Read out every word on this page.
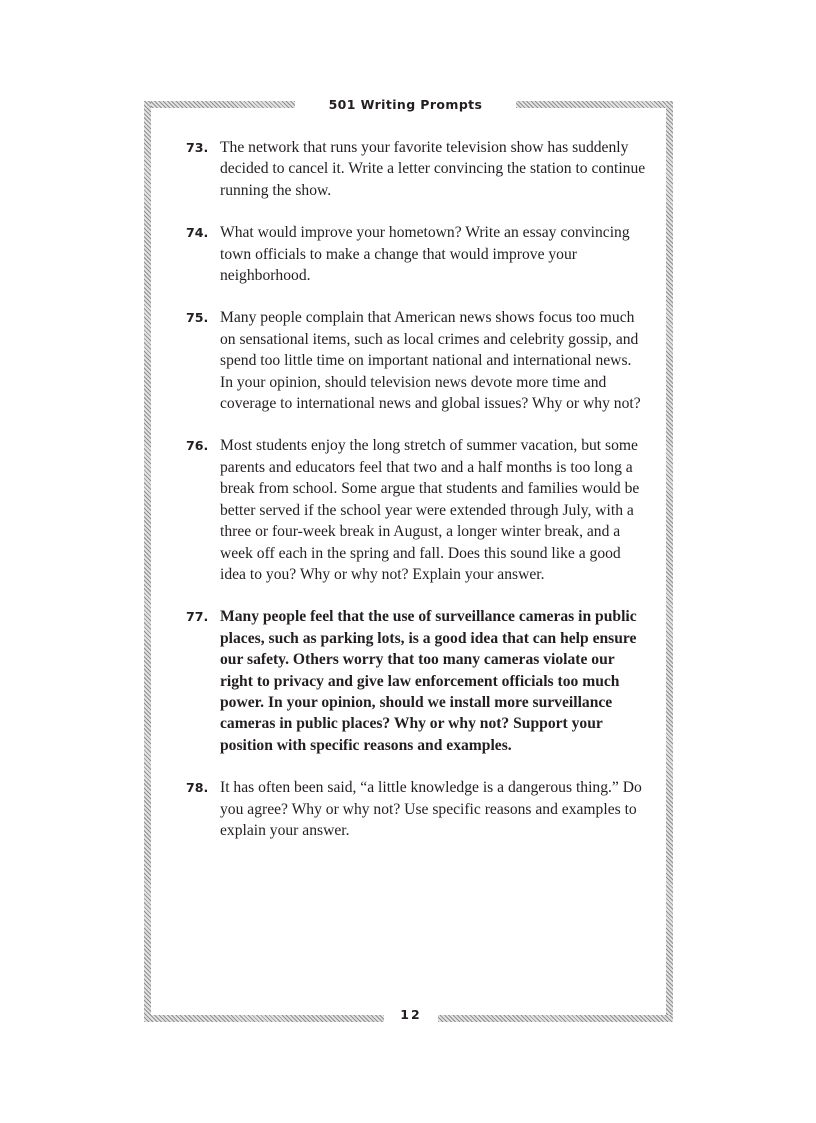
501 Writing Prompts
73. The network that runs your favorite television show has suddenly decided to cancel it. Write a letter convincing the station to continue running the show.
74. What would improve your hometown? Write an essay convincing town officials to make a change that would improve your neighborhood.
75. Many people complain that American news shows focus too much on sensational items, such as local crimes and celebrity gossip, and spend too little time on important national and international news. In your opinion, should television news devote more time and coverage to international news and global issues? Why or why not?
76. Most students enjoy the long stretch of summer vacation, but some parents and educators feel that two and a half months is too long a break from school. Some argue that students and families would be better served if the school year were extended through July, with a three or four-week break in August, a longer winter break, and a week off each in the spring and fall. Does this sound like a good idea to you? Why or why not? Explain your answer.
77. Many people feel that the use of surveillance cameras in public places, such as parking lots, is a good idea that can help ensure our safety. Others worry that too many cameras violate our right to privacy and give law enforcement officials too much power. In your opinion, should we install more surveillance cameras in public places? Why or why not? Support your position with specific reasons and examples.
78. It has often been said, “a little knowledge is a dangerous thing.” Do you agree? Why or why not? Use specific reasons and examples to explain your answer.
12
